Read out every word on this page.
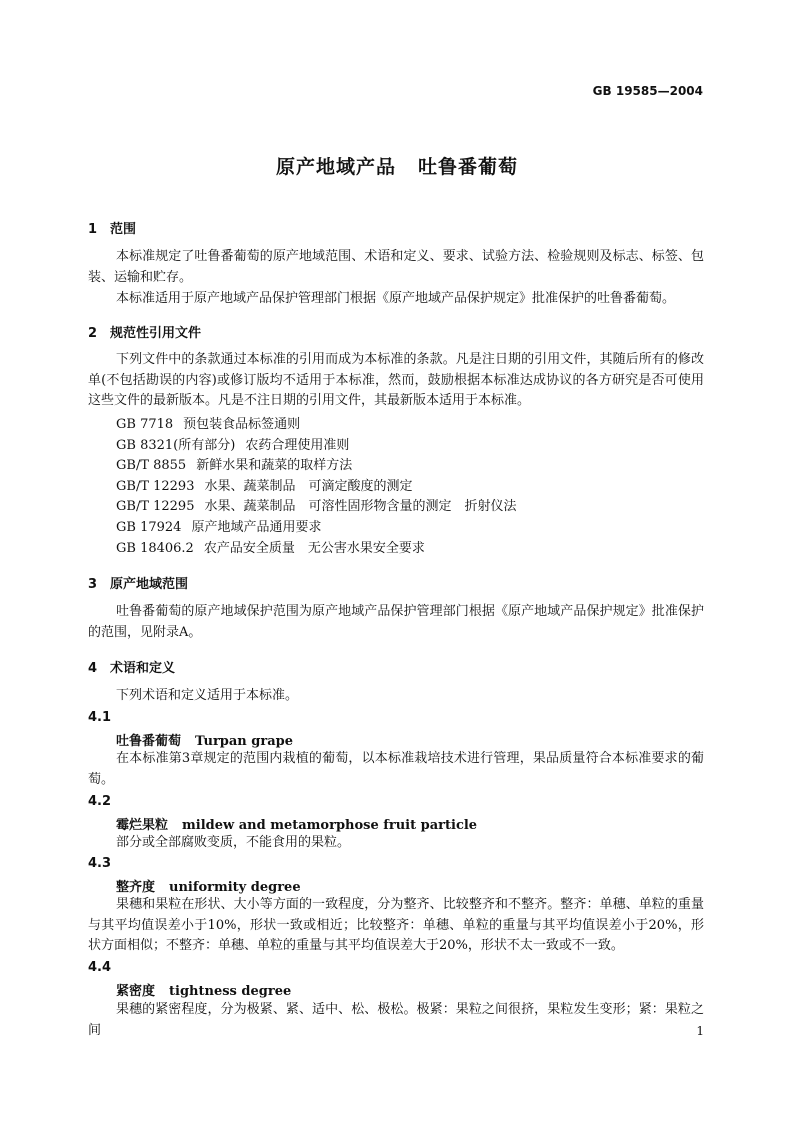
GB 19585—2004
原产地域产品 吐鲁番葡萄
1 范围
本标准规定了吐鲁番葡萄的原产地域范围、术语和定义、要求、试验方法、检验规则及标志、标签、包装、运输和贮存。
本标准适用于原产地域产品保护管理部门根据《原产地域产品保护规定》批准保护的吐鲁番葡萄。
2 规范性引用文件
下列文件中的条款通过本标准的引用而成为本标准的条款。凡是注日期的引用文件，其随后所有的修改单(不包括勘误的内容)或修订版均不适用于本标准，然而，鼓励根据本标准达成协议的各方研究是否可使用这些文件的最新版本。凡是不注日期的引用文件，其最新版本适用于本标准。
GB 7718 预包装食品标签通则
GB 8321(所有部分) 农药合理使用准则
GB/T 8855 新鲜水果和蔬菜的取样方法
GB/T 12293 水果、蔬菜制品　可滴定酸度的测定
GB/T 12295 水果、蔬菜制品　可溶性固形物含量的测定　折射仪法
GB 17924 原产地域产品通用要求
GB 18406.2 农产品安全质量　无公害水果安全要求
3 原产地域范围
吐鲁番葡萄的原产地域保护范围为原产地域产品保护管理部门根据《原产地域产品保护规定》批准保护的范围，见附录A。
4 术语和定义
下列术语和定义适用于本标准。
4.1
吐鲁番葡萄 Turpan grape
在本标准第3章规定的范围内栽植的葡萄，以本标准栽培技术进行管理，果品质量符合本标准要求的葡萄。
4.2
霉烂果粒 mildew and metamorphose fruit particle
部分或全部腐败变质，不能食用的果粒。
4.3
整齐度 uniformity degree
果穗和果粒在形状、大小等方面的一致程度，分为整齐、比较整齐和不整齐。整齐：单穗、单粒的重量与其平均值误差小于10%，形状一致或相近；比较整齐：单穗、单粒的重量与其平均值误差小于20%，形状方面相似；不整齐：单穗、单粒的重量与其平均值误差大于20%，形状不太一致或不一致。
4.4
紧密度 tightness degree
果穗的紧密程度，分为极紧、紧、适中、松、极松。极紧：果粒之间很挤，果粒发生变形；紧：果粒之间	1
